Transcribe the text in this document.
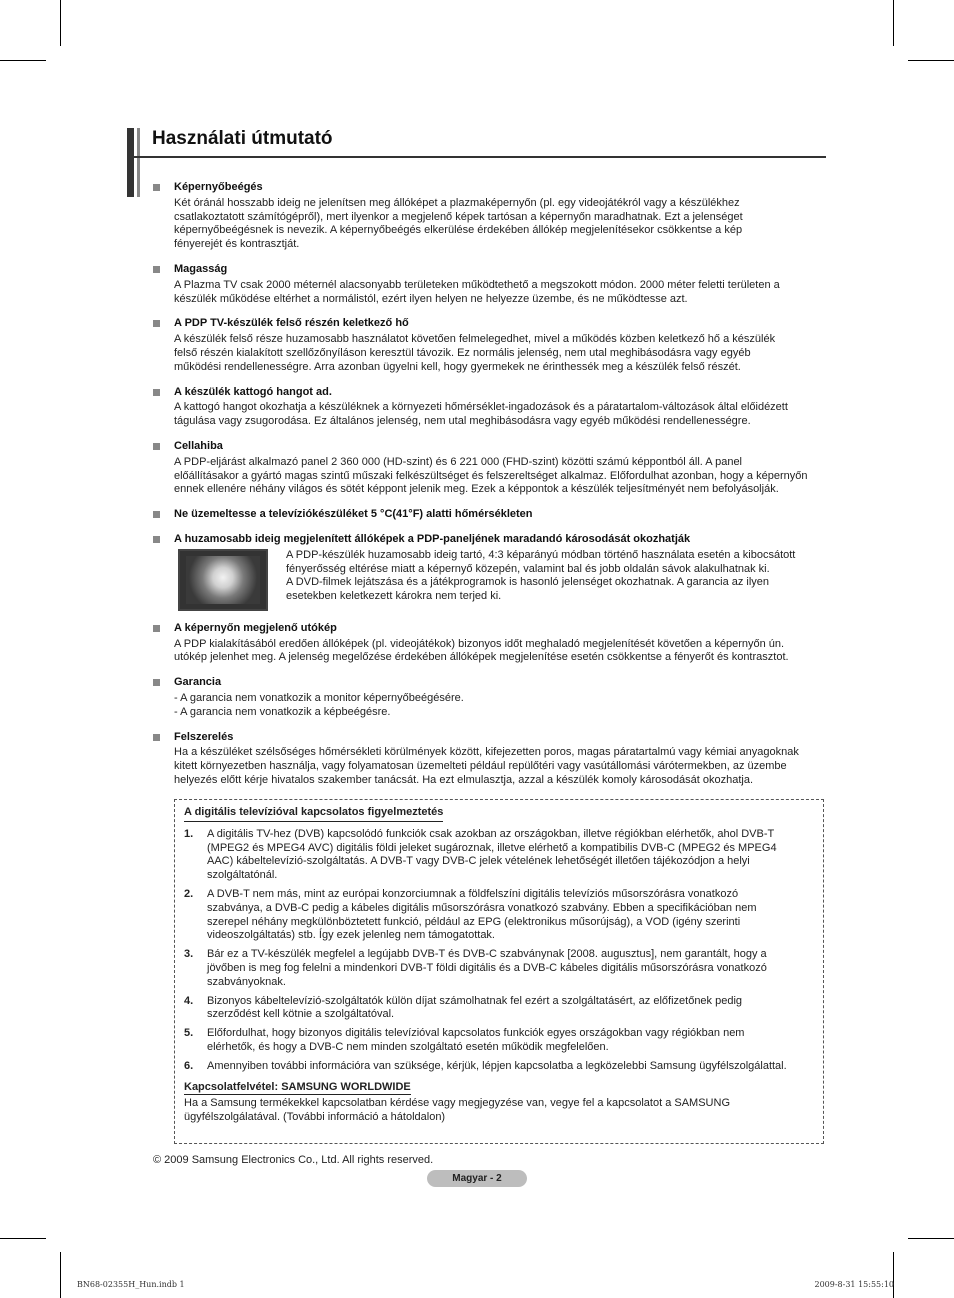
Használati útmutató
Képernyőbeégés

Két óránál hosszabb ideig ne jelenítsen meg állóképet a plazmaképernyőn (pl. egy videojátékról vagy a készülékhez
csatlakoztatott számítógépről), mert ilyenkor a megjelenő képek tartósan a képernyőn maradhatnak. Ezt a jelenséget
képernyőbeégésnek is nevezik. A képernyőbeégés elkerülése érdekében állókép megjelenítésekor csökkentse a kép
fényerejét és kontrasztját.

Magasság

A Plazma TV csak 2000 méternél alacsonyabb területeken működtethető a megszokott módon. 2000 méter feletti területen a
készülék működése eltérhet a normálistól, ezért ilyen helyen ne helyezze üzembe, és ne működtesse azt.

A PDP TV-készülék felső részén keletkező hő

A készülék felső része huzamosabb használatot követően felmelegedhet, mivel a működés közben keletkező hő a készülék
felső részén kialakított szellőzőnyíláson keresztül távozik. Ez normális jelenség, nem utal meghibásodásra vagy egyéb
működési rendellenességre. Arra azonban ügyelni kell, hogy gyermekek ne érinthessék meg a készülék felső részét.

A készülék kattogó hangot ad.

A kattogó hangot okozhatja a készüléknek a környezeti hőmérséklet-ingadozások és a páratartalom-változások által előidézett
tágulása vagy zsugorodása. Ez általános jelenség, nem utal meghibásodásra vagy egyéb működési rendellenességre.

Cellahiba

A PDP-eljárást alkalmazó panel 2 360 000 (HD-szint) és 6 221 000 (FHD-szint) közötti számú képpontból áll. A panel
előállításakor a gyártó magas szintű műszaki felkészültséget és felszereltséget alkalmaz. Előfordulhat azonban, hogy a képernyőn
ennek ellenére néhány világos és sötét képpont jelenik meg. Ezek a képpontok a készülék teljesítményét nem befolyásolják.

Ne üzemeltesse a televíziókészüléket 5 °C(41°F) alatti hőmérsékleten
A huzamosabb ideig megjelenített állóképek a PDP-paneljének maradandó károsodását okozhatják

A PDP-készülék huzamosabb ideig tartó, 4:3 képarányú módban történő használata esetén a kibocsátott
fényerősség eltérése miatt a képernyő közepén, valamint bal és jobb oldalán sávok alakulhatnak ki.
A DVD-filmek lejátszása és a játékprogramok is hasonló jelenséget okozhatnak. A garancia az ilyen
esetekben keletkezett károkra nem terjed ki.

A képernyőn megjelenő utókép

A PDP kialakításából eredően állóképek (pl. videojátékok) bizonyos időt meghaladó megjelenítését követően a képernyőn ún.
utókép jelenhet meg. A jelenség megelőzése érdekében állóképek megjelenítése esetén csökkentse a fényerőt és kontrasztot.

Garancia

- A garancia nem vonatkozik a monitor képernyőbeégésére.
- A garancia nem vonatkozik a képbeégésre.

Felszerelés

Ha a készüléket szélsőséges hőmérsékleti körülmények között, kifejezetten poros, magas páratartalmú vagy kémiai anyagoknak
kitett környezetben használja, vagy folyamatosan üzemelteti például repülőtéri vagy vasútállomási várótermekben, az üzembe
helyezés előtt kérje hivatalos szakember tanácsát. Ha ezt elmulasztja, azzal a készülék komoly károsodását okozhatja.

A digitális televízióval kapcsolatos figyelmeztetés
1. A digitális TV-hez (DVB) kapcsolódó funkciók csak azokban az országokban, illetve régiókban elérhetők, ahol DVB-T
(MPEG2 és MPEG4 AVC) digitális földi jeleket sugároznak, illetve elérhető a kompatibilis DVB-C (MPEG2 és MPEG4
AAC) kábeltelevízió-szolgáltatás. A DVB-T vagy DVB-C jelek vételének lehetőségét illetően tájékozódjon a helyi
szolgáltatónál.
2. A DVB-T nem más, mint az európai konzorciumnak a földfelszíni digitális televíziós műsorszórásra vonatkozó
szabványa, a DVB-C pedig a kábeles digitális műsorszórásra vonatkozó szabvány. Ebben a specifikációban nem
szerepel néhány megkülönböztetett funkció, például az EPG (elektronikus műsorújság), a VOD (igény szerinti
videoszolgáltatás) stb. Így ezek jelenleg nem támogatottak.
3. Bár ez a TV-készülék megfelel a legújabb DVB-T és DVB-C szabványnak [2008. augusztus], nem garantált, hogy a
jövőben is meg fog felelni a mindenkori DVB-T földi digitális és a DVB-C kábeles digitális műsorszórásra vonatkozó
szabványoknak.
4. Bizonyos kábeltelevízió-szolgáltatók külön díjat számolhatnak fel ezért a szolgáltatásért, az előfizetőnek pedig
szerződést kell kötnie a szolgáltatóval.
5. Előfordulhat, hogy bizonyos digitális televízióval kapcsolatos funkciók egyes országokban vagy régiókban nem
elérhetők, és hogy a DVB-C nem minden szolgáltató esetén működik megfelelően.
6. Amennyiben további információra van szüksége, kérjük, lépjen kapcsolatba a legközelebbi Samsung ügyfélszolgálattal.
Kapcsolatfelvétel: SAMSUNG WORLDWIDE
Ha a Samsung termékekkel kapcsolatban kérdése vagy megjegyzése van, vegye fel a kapcsolatot a SAMSUNG
ügyfélszolgálatával. (További információ a hátoldalon)
© 2009 Samsung Electronics Co., Ltd. All rights reserved.
Magyar - 2
BN68-02355H_Hun.indb 1	2009-8-31 15:55:10
